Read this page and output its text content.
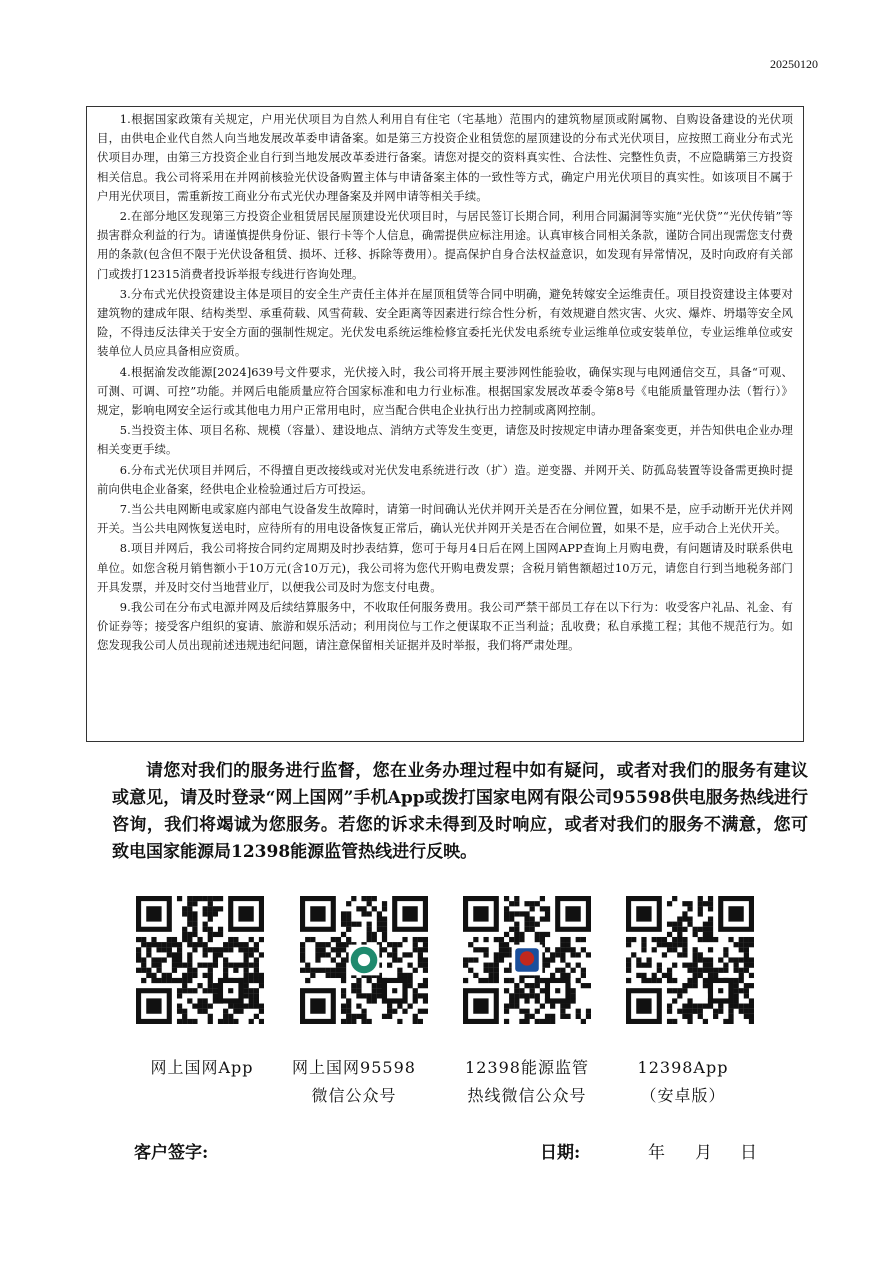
20250120

1.根据国家政策有关规定，户用光伏项目为自然人利用自有住宅（宅基地）范围内的建筑物屋顶或附属物、自购设备建设的光伏项目，由供电企业代自然人向当地发展改革委申请备案。如是第三方投资企业租赁您的屋顶建设的分布式光伏项目，应按照工商业分布式光伏项目办理，由第三方投资企业自行到当地发展改革委进行备案。请您对提交的资料真实性、合法性、完整性负责，不应隐瞒第三方投资相关信息。我公司将采用在并网前核验光伏设备购置主体与申请备案主体的一致性等方式，确定户用光伏项目的真实性。如该项目不属于户用光伏项目，需重新按工商业分布式光伏办理备案及并网申请等相关手续。

2.在部分地区发现第三方投资企业租赁居民屋顶建设光伏项目时，与居民签订长期合同，利用合同漏洞等实施“光伏贷”“光伏传销”等损害群众利益的行为。请谨慎提供身份证、银行卡等个人信息，确需提供应标注用途。认真审核合同相关条款，谨防合同出现需您支付费用的条款(包含但不限于光伏设备租赁、损坏、迁移、拆除等费用）。提高保护自身合法权益意识，如发现有异常情况，及时向政府有关部门或拨打12315消费者投诉举报专线进行咨询处理。

3.分布式光伏投资建设主体是项目的安全生产责任主体并在屋顶租赁等合同中明确，避免转嫁安全运维责任。项目投资建设主体要对建筑物的建成年限、结构类型、承重荷载、风雪荷载、安全距离等因素进行综合性分析，有效规避自然灾害、火灾、爆炸、坍塌等安全风险，不得违反法律关于安全方面的强制性规定。光伏发电系统运维检修宜委托光伏发电系统专业运维单位或安装单位，专业运维单位或安装单位人员应具备相应资质。

4.根据渝发改能源[2024]639号文件要求，光伏接入时，我公司将开展主要涉网性能验收，确保实现与电网通信交互，具备“可观、可测、可调、可控”功能。并网后电能质量应符合国家标准和电力行业标准。根据国家发展改革委令第8号《电能质量管理办法（暂行）》规定，影响电网安全运行或其他电力用户正常用电时，应当配合供电企业执行出力控制或离网控制。

5.当投资主体、项目名称、规模（容量）、建设地点、消纳方式等发生变更，请您及时按规定申请办理备案变更，并告知供电企业办理相关变更手续。

6.分布式光伏项目并网后，不得擅自更改接线或对光伏发电系统进行改（扩）造。逆变器、并网开关、防孤岛装置等设备需更换时提前向供电企业备案，经供电企业检验通过后方可投运。

7.当公共电网断电或家庭内部电气设备发生故障时，请第一时间确认光伏并网开关是否在分闸位置，如果不是，应手动断开光伏并网开关。当公共电网恢复送电时，应待所有的用电设备恢复正常后，确认光伏并网开关是否在合闸位置，如果不是，应手动合上光伏开关。

8.项目并网后，我公司将按合同约定周期及时抄表结算，您可于每月4日后在网上国网APP查询上月购电费，有问题请及时联系供电单位。如您含税月销售额小于10万元(含10万元)，我公司将为您代开购电费发票；含税月销售额超过10万元，请您自行到当地税务部门开具发票，并及时交付当地营业厅，以便我公司及时为您支付电费。

9.我公司在分布式电源并网及后续结算服务中，不收取任何服务费用。我公司严禁干部员工存在以下行为：收受客户礼品、礼金、有价证券等；接受客户组织的宴请、旅游和娱乐活动；利用岗位与工作之便谋取不正当利益；乱收费；私自承揽工程；其他不规范行为。如您发现我公司人员出现前述违规违纪问题，请注意保留相关证据并及时举报，我们将严肃处理。

请您对我们的服务进行监督，您在业务办理过程中如有疑问，或者对我们的服务有建议或意见，请及时登录“网上国网”手机App或拨打国家电网有限公司95598供电服务热线进行咨询，我们将竭诚为您服务。若您的诉求未得到及时响应，或者对我们的服务不满意，您可致电国家能源局12398能源监管热线进行反映。

网上国网App	网上国网95598
微信公众号
12398能源监管
热线微信公众号
12398App
（安卓版）
客户签字:	日期:	年 月 日
